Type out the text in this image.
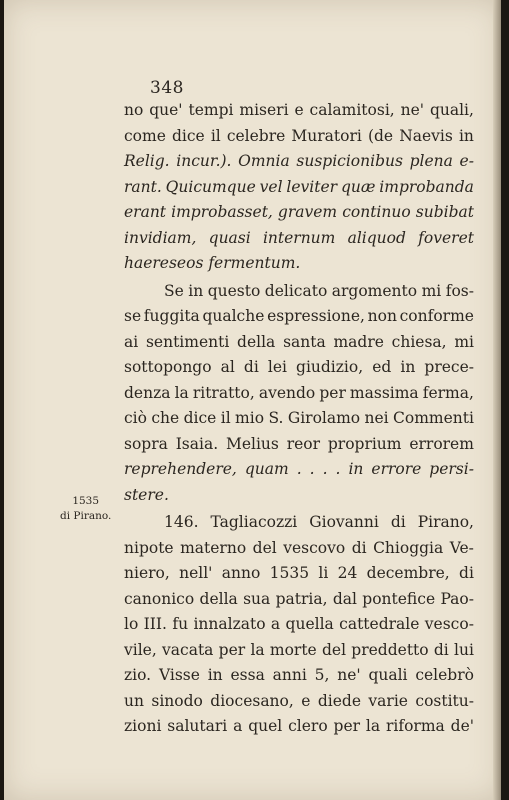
348
1535
di Pirano.
no que' tempi miseri e calamitosi, ne' quali,
come dice il celebre Muratori (de Naevis in
Relig. incur.). Omnia suspicionibus plena e-
rant. Quicumque vel leviter quæ improbanda
erant improbasset, gravem continuo subibat
invidiam, quasi internum aliquod foveret
haereseos fermentum.
Se in questo delicato argomento mi fos-
se fuggita qualche espressione, non conforme
ai sentimenti della santa madre chiesa, mi
sottopongo al di lei giudizio, ed in prece-
denza la ritratto, avendo per massima ferma,
ciò che dice il mio S. Girolamo nei Commenti
sopra Isaia. Melius reor proprium errorem
reprehendere, quam . . . . in errore persi-
stere.
146. Tagliacozzi Giovanni di Pirano,
nipote materno del vescovo di Chioggia Ve-
niero, nell' anno 1535 li 24 decembre, di
canonico della sua patria, dal pontefice Pao-
lo III. fu innalzato a quella cattedrale vesco-
vile, vacata per la morte del preddetto di lui
zio. Visse in essa anni 5, ne' quali celebrò
un sinodo diocesano, e diede varie costitu-
zioni salutari a quel clero per la riforma de'
